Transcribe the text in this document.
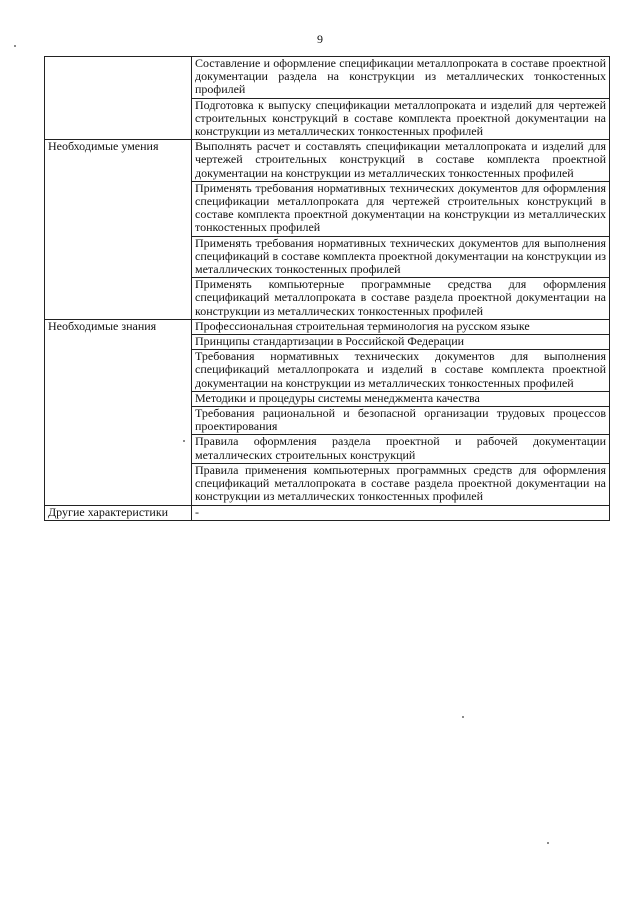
9
	Составление и оформление спецификации металлопроката в составе проектной документации раздела на конструкции из металлических тонкостенных профилей
	Подготовка к выпуску спецификации металлопроката и изделий для чертежей строительных конструкций в составе комплекта проектной документации на конструкции из металлических тонкостенных профилей
Необходимые умения	Выполнять расчет и составлять спецификации металлопроката и изделий для чертежей строительных конструкций в составе комплекта проектной документации на конструкции из металлических тонкостенных профилей
	Применять требования нормативных технических документов для оформления спецификации металлопроката для чертежей строительных конструкций в составе комплекта проектной документации на конструкции из металлических тонкостенных профилей
	Применять требования нормативных технических документов для выполнения спецификаций в составе комплекта проектной документации на конструкции из металлических тонкостенных профилей
	Применять компьютерные программные средства для оформления спецификаций металлопроката в составе раздела проектной документации на конструкции из металлических тонкостенных профилей
Необходимые знания	Профессиональная строительная терминология на русском языке
	Принципы стандартизации в Российской Федерации
	Требования нормативных технических документов для выполнения спецификаций металлопроката и изделий в составе комплекта проектной документации на конструкции из металлических тонкостенных профилей
	Методики и процедуры системы менеджмента качества
	Требования рациональной и безопасной организации трудовых процессов проектирования
	Правила оформления раздела проектной и рабочей документации металлических строительных конструкций
	Правила применения компьютерных программных средств для оформления спецификаций металлопроката в составе раздела проектной документации на конструкции из металлических тонкостенных профилей
Другие характеристики	-
